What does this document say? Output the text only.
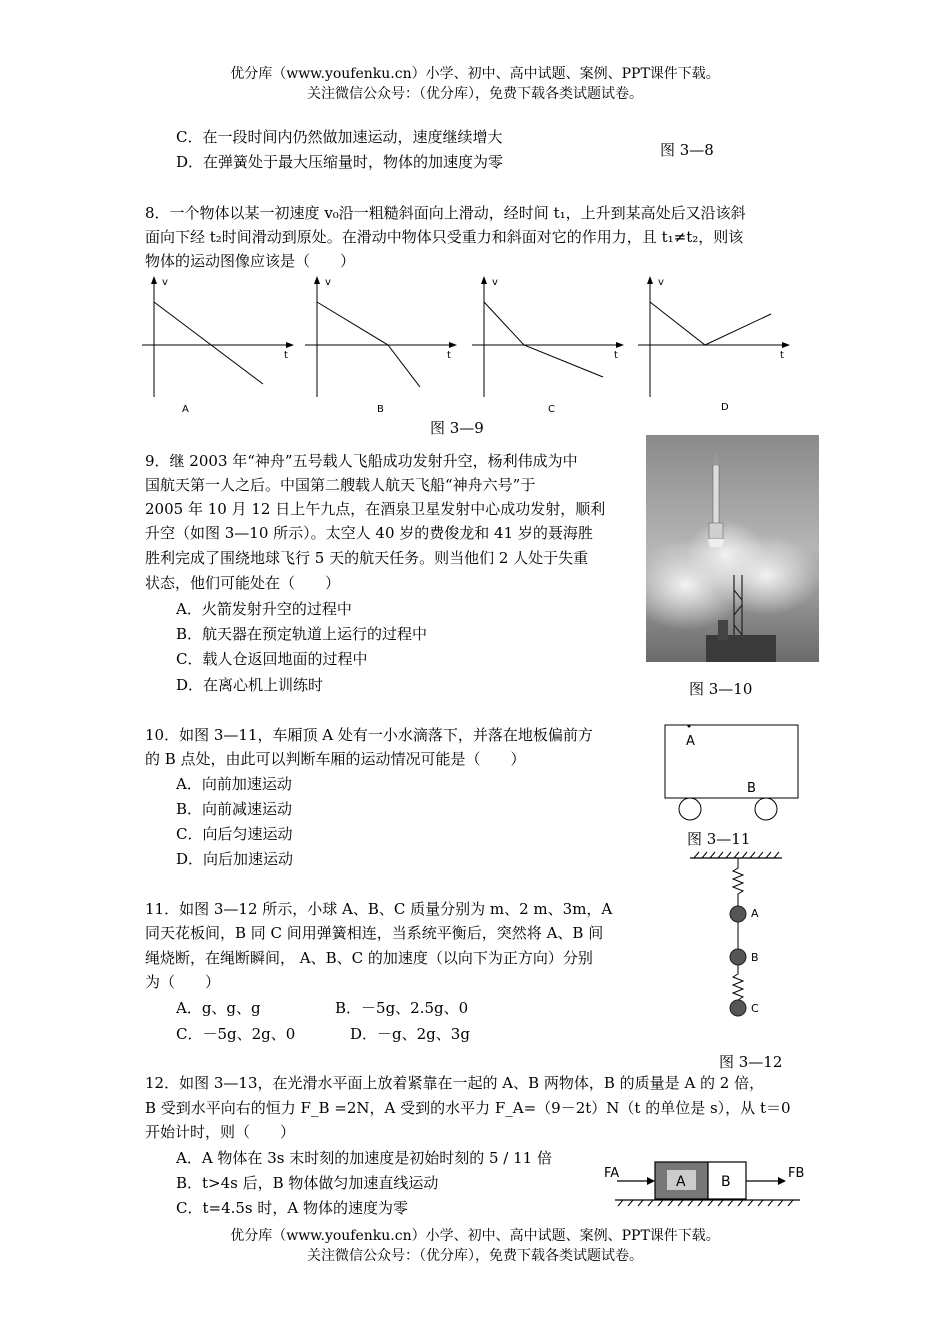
优分库（www.youfenku.cn）小学、初中、高中试题、案例、PPT课件下载。
关注微信公众号：（优分库），免费下载各类试题试卷。
C．在一段时间内仍然做加速运动，速度继续增大
D．在弹簧处于最大压缩量时，物体的加速度为零
图 3—8
8．一个物体以某一初速度 v₀沿一粗糙斜面向上滑动，经时间 t₁，上升到某高处后又沿该斜
面向下经 t₂时间滑动到原处。在滑动中物体只受重力和斜面对它的作用力，且 t₁≠t₂，则该
物体的运动图像应该是（　　）
v
t
v
t
v
t
v
t
A	B	C	D
图 3—9
9．继 2003 年“神舟”五号载人飞船成功发射升空，杨利伟成为中
国航天第一人之后。中国第二艘载人航天飞船“神舟六号”于
2005 年 10 月 12 日上午九点，在酒泉卫星发射中心成功发射，顺利
升空（如图 3—10 所示）。太空人 40 岁的费俊龙和 41 岁的聂海胜
胜利完成了围绕地球飞行 5 天的航天任务。则当他们 2 人处于失重
状态，他们可能处在（　　）
A．火箭发射升空的过程中
B．航天器在预定轨道上运行的过程中
C．载人仓返回地面的过程中
D．在离心机上训练时	图 3—10
10．如图 3—11，车厢顶 A 处有一小水滴落下，并落在地板偏前方
的 B 点处，由此可以判断车厢的运动情况可能是（　　）
A．向前加速运动
B．向前减速运动
C．向后匀速运动
D．向后加速运动
A
B
图 3—11
11．如图 3—12 所示，小球 A、B、C 质量分别为 m、2 m、3m，A
同天花板间，B 同 C 间用弹簧相连，当系统平衡后，突然将 A、B 间
绳烧断，在绳断瞬间， A、B、C 的加速度（以向下为正方向）分别
为（　　）
A．g、g、g	B．－5g、2.5g、0
C．－5g、2g、0	D．－g、2g、3g
A
B
C
图 3—12
12．如图 3—13，在光滑水平面上放着紧靠在一起的 A、B 两物体，B 的质量是 A 的 2 倍，
B 受到水平向右的恒力 F_B =2N，A 受到的水平力 F_A=（9－2t）N（t 的单位是 s），从 t＝0
开始计时，则（　　）
A．A 物体在 3s 末时刻的加速度是初始时刻的 5 / 11 倍
B．t>4s 后，B 物体做匀加速直线运动
C．t=4.5s 时，A 物体的速度为零
A	B
FA	FB
优分库（www.youfenku.cn）小学、初中、高中试题、案例、PPT课件下载。
关注微信公众号：（优分库），免费下载各类试题试卷。
